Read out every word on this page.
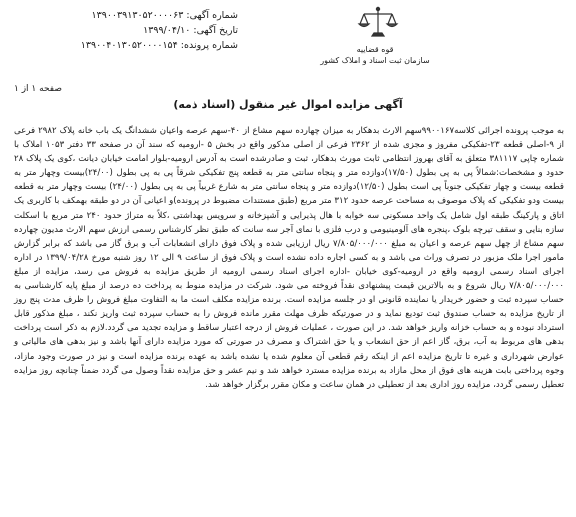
شماره آگهی: ۱۳۹۰۰۳۹۱۳۰۵۲۰۰۰۰۶۳
تاریخ آگهی: ۱۳۹۹/۰۴/۱۰
شماره پرونده: ۱۳۹۰۰۴۰۱۳۰۵۲۰۰۰۰۱۵۴	قوه قضاییه
سازمان ثبت اسناد و املاک کشور
صفحه ۱ از ۱
آگهی مزایده اموال غیر منقول (اسناد ذمه)
به موجب پرونده اجرائی کلاسه۹۹۰۰۱۶۷سهم الارث بدهکار به میزان چهارده سهم مشاع از ۴۰-سهم عرصه واعیان ششدانگ یک باب خانه پلاک ۲۹۸۲ فرعی از ۹-اصلی قطعه ۲۳-تفکیکی مفروز و مجزی شده از ۲۳۶۲ فرعی از اصلی مذکور واقع در بخش ۵ -ارومیه که سند آن در صفحه ۳۳ دفتر ۱۰۵۳ املاک با شماره چاپی ۳۸۱۱۱۷ متعلق به آقای بهروز انتظامی ثابت مورث بدهکار، ثبت و صادرشده است به آدرس ارومیه-بلوار امامت خیابان دیانت ،کوی یک پلاک ۲۸ حدود و مشخصات:شمالاً پی به پی بطول (۱۷/۵۰)دوازده متر و پنجاه سانتی متر به قطعه پنج تفکیکی شرقاً پی به پی بطول (۲۴/۰۰)بیست وچهار متر به قطعه بیست و چهار تفکیکی جنوباً پی است بطول (۱۲/۵۰)دوازده متر و پنجاه سانتی متر به شارع غربیاً پی به پی بطول (۲۴/۰۰) بیست وچهار متر به قطعه بیست ودو تفکیکی که پلاک موصوف به مساحت عرصه حدود ۳۱۲ متر مربع (طبق مستندات مضبوط در پرونده)و اعیانی آن در دو طبقه بهمکف با کاربری یک اتاق و پارکینگ طبقه اول شامل یک واحد مسکونی سه خوابه با هال پذیرایی و آشپزخانه و سرویس بهداشتی ،کلاً به متراژ حدود ۲۴۰ متر مربع با اسکلت سازه بنایی و سقف تیرچه بلوک ،پنجره های آلومینیومی و درب فلزی با نمای آجر سه سانت که طبق نظر کارشناس رسمی ارزش سهم الارث مدیون چهارده سهم مشاع از چهل سهم عرصه و اعیان به مبلغ ۷/۸۰۵/۰۰۰/۰۰۰ ریال ارزیابی شده و پلاک فوق دارای انشعابات آب و برق گاز می باشد که برابر گزارش مامور اجرا ملک مزبور در تصرف وراث می باشد و به کسی اجاره داده نشده است و پلاک فوق از ساعت ۹ الی ۱۲ روز شنبه مورخ ۱۳۹۹/۰۴/۲۸ در اداره اجرای اسناد رسمی ارومیه واقع در ارومیه-کوی خیابان -اداره اجرای اسناد رسمی ارومیه از طریق مزایده به فروش می رسد، مزایده از مبلغ ۷/۸۰۵/۰۰۰/۰۰۰ ریال شروع و به بالاترین قیمت پیشنهادی نقداً فروخته می شود. شرکت در مزایده منوط به پرداخت ده درصد از مبلغ پایه کارشناسی به حساب سپرده ثبت و حضور خریدار یا نماینده قانونی او در جلسه مزایده است. برنده مزایده مکلف است ما به التفاوت مبلغ فروش را ظرف مدت پنج روز از تاریخ مزایده به حساب صندوق ثبت تودیع نماید و در صورتیکه ظرف مهلت مقرر مانده فروش را به حساب سپرده ثبت واریز نکند ، مبلغ مذکور قابل استرداد نبوده و به حساب خزانه واریز خواهد شد. در این صورت ، عملیات فروش از درجه اعتبار ساقط و مزایده تجدید می گردد.لازم به ذکر است پرداخت بدهی های مربوط به آب، برق، گاز اعم از حق انشعاب و یا حق اشتراک و مصرف در صورتی که مورد مزایده دارای آنها باشد و نیز بدهی های مالیاتی و عوارض شهرداری و غیره تا تاریخ مزایده اعم از اینکه رقم قطعی آن معلوم شده یا نشده باشد به عهده برنده مزایده است و نیز در صورت وجود مازاد، وجوه پرداختی بابت هزینه های فوق از محل مازاد به برنده مزایده مسترد خواهد شد و نیم عشر و حق مزایده نقداً وصول می گردد ضمناً چنانچه روز مزایده تعطیل رسمی گردد، مزایده روز اداری بعد از تعطیلی در همان ساعت و مکان مقرر برگزار خواهد شد.
